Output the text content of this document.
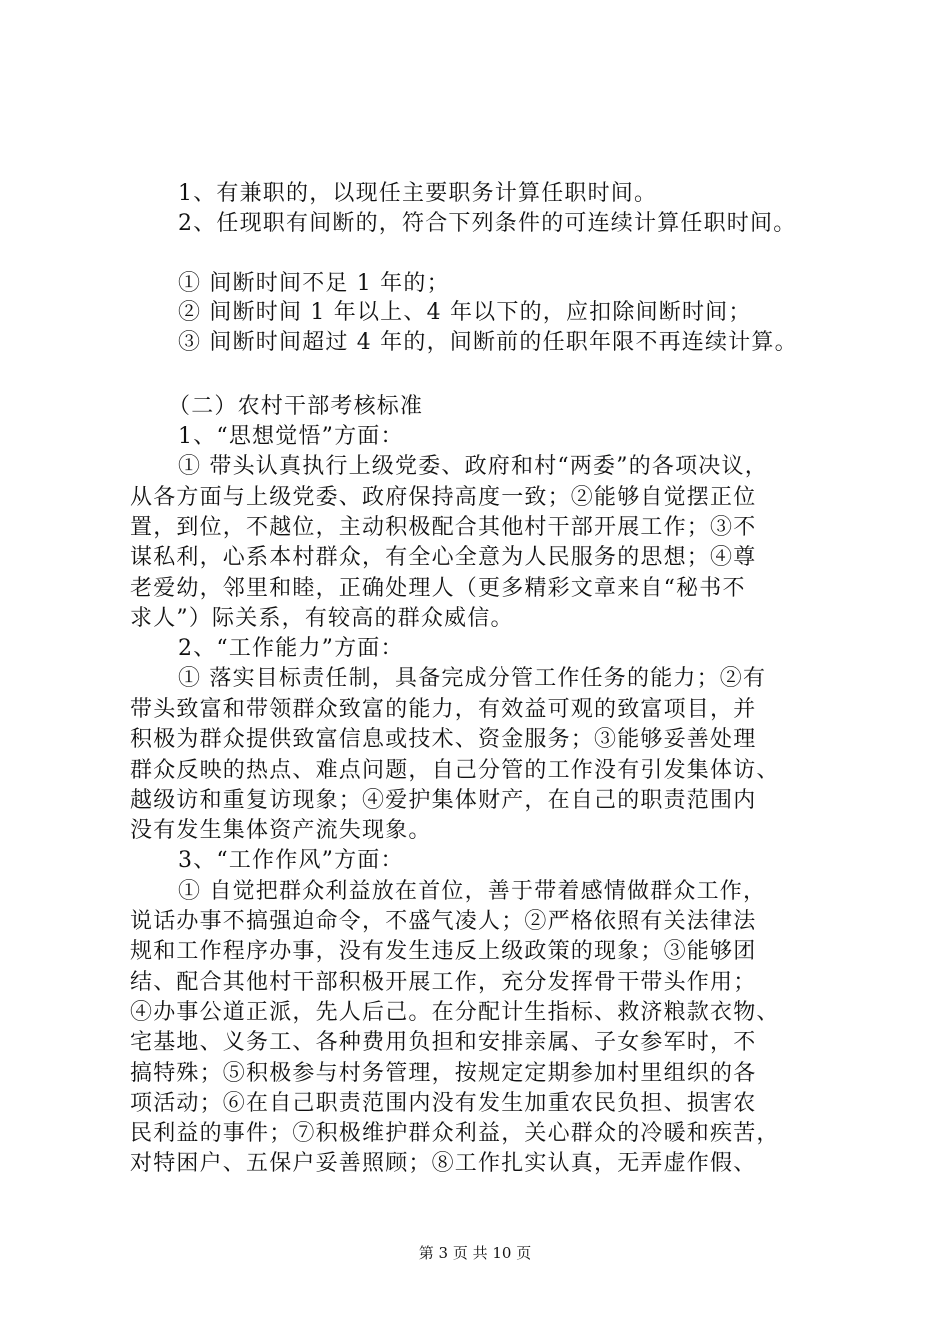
1、有兼职的，以现任主要职务计算任职时间。
2、任现职有间断的，符合下列条件的可连续计算任职时间。
① 间断时间不足 1 年的；
② 间断时间 1 年以上、4 年以下的，应扣除间断时间；
③ 间断时间超过 4 年的，间断前的任职年限不再连续计算。
（二）农村干部考核标准
1、“思想觉悟”方面：
① 带头认真执行上级党委、政府和村“两委”的各项决议，
从各方面与上级党委、政府保持高度一致；②能够自觉摆正位
置，到位，不越位，主动积极配合其他村干部开展工作；③不
谋私利，心系本村群众，有全心全意为人民服务的思想；④尊
老爱幼，邻里和睦，正确处理人（更多精彩文章来自“秘书不
求人”）际关系，有较高的群众威信。
2、“工作能力”方面：
① 落实目标责任制，具备完成分管工作任务的能力；②有
带头致富和带领群众致富的能力，有效益可观的致富项目，并
积极为群众提供致富信息或技术、资金服务；③能够妥善处理
群众反映的热点、难点问题，自己分管的工作没有引发集体访、
越级访和重复访现象；④爱护集体财产，在自己的职责范围内
没有发生集体资产流失现象。
3、“工作作风”方面：
① 自觉把群众利益放在首位，善于带着感情做群众工作，
说话办事不搞强迫命令，不盛气凌人；②严格依照有关法律法
规和工作程序办事，没有发生违反上级政策的现象；③能够团
结、配合其他村干部积极开展工作，充分发挥骨干带头作用；
④办事公道正派，先人后己。在分配计生指标、救济粮款衣物、
宅基地、义务工、各种费用负担和安排亲属、子女参军时，不
搞特殊；⑤积极参与村务管理，按规定定期参加村里组织的各
项活动；⑥在自己职责范围内没有发生加重农民负担、损害农
民利益的事件；⑦积极维护群众利益，关心群众的冷暖和疾苦，
对特困户、五保户妥善照顾；⑧工作扎实认真，无弄虚作假、
第 3 页 共 10 页
